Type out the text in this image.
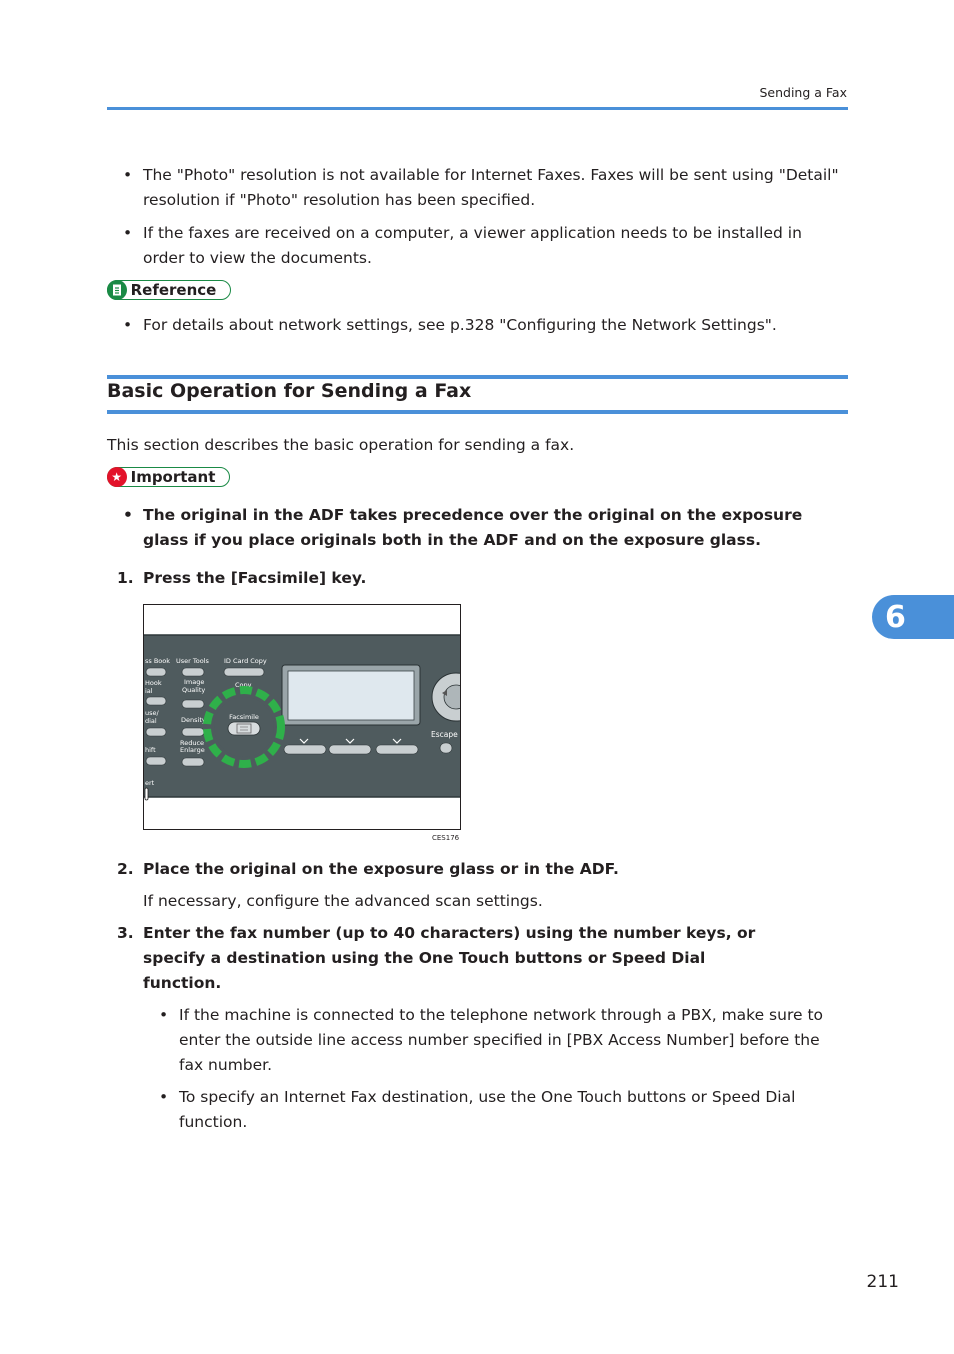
Sending a Fax

• The "Photo" resolution is not available for Internet Faxes. Faxes will be sent using "Detail" resolution if "Photo" resolution has been specified.

• If the faxes are received on a computer, a viewer application needs to be installed in order to view the documents.

Reference

• For details about network settings, see p.328 "Configuring the Network Settings".

Basic Operation for Sending a Fax
This section describes the basic operation for sending a fax.
★ Important

• The original in the ADF takes precedence over the original on the exposure glass if you place originals both in the ADF and on the exposure glass.

1. Press the [Facsimile] key.
ss Book
Hook
ial
use/
dial
hift
ert
User Tools ID Card Copy
Image
Quality
Copy
Density
Reduce
Enlarge
Escape
Facsimile
CES176
2. Place the original on the exposure glass or in the ADF.
If necessary, configure the advanced scan settings.
3. Enter the fax number (up to 40 characters) using the number keys, or specify a destination using the One Touch buttons or Speed Dial function.

• If the machine is connected to the telephone network through a PBX, make sure to enter the outside line access number specified in [PBX Access Number] before the fax number.

• To specify an Internet Fax destination, use the One Touch buttons or Speed Dial function.

6
211
